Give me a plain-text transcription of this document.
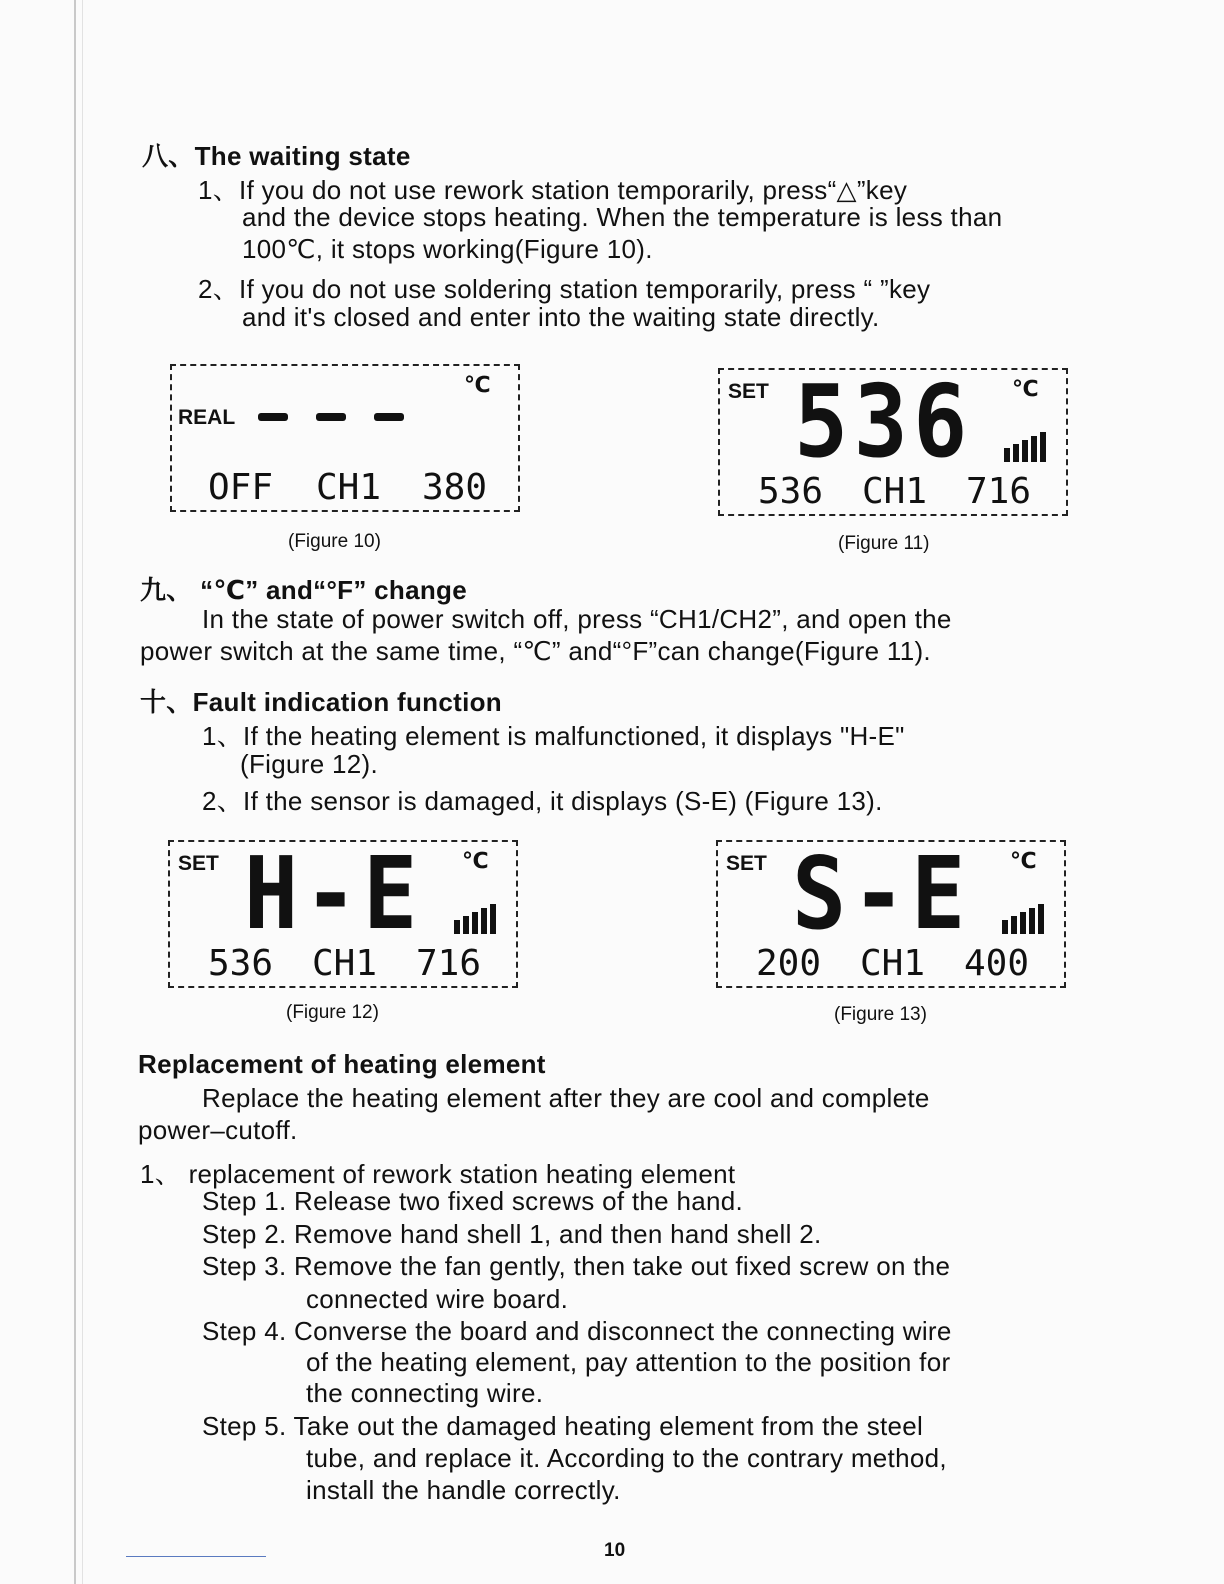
八、The waiting state
1、If you do not use rework station temporarily, press“△”key
and the device stops heating. When the temperature is less than
100℃, it stops working(Figure 10).
2、If you do not use soldering station temporarily, press “ ”key
and it's closed and enter into the waiting state directly.
℃
REAL
OFF CH1 380
(Figure 10)
SET	℃
536
536 CH1 716
(Figure 11)
九、 “℃” and“°F” change
In the state of power switch off, press “CH1/CH2”, and open the
power switch at the same time, “℃” and“°F”can change(Figure 11).
十、Fault indication function
1、If the heating element is malfunctioned, it displays "H-E"
(Figure 12).
2、If the sensor is damaged, it displays (S-E) (Figure 13).
SET	℃
H-E
536 CH1 716
(Figure 12)
SET	℃
S-E
200 CH1 400
(Figure 13)
Replacement of heating element
Replace the heating element after they are cool and complete
power–cutoff.
1、 replacement of rework station heating element
Step 1. Release two fixed screws of the hand.
Step 2. Remove hand shell 1, and then hand shell 2.
Step 3. Remove the fan gently, then take out fixed screw on the
connected wire board.
Step 4. Converse the board and disconnect the connecting wire
of the heating element, pay attention to the position for
the connecting wire.
Step 5. Take out the damaged heating element from the steel
tube, and replace it. According to the contrary method,
install the handle correctly.
10
